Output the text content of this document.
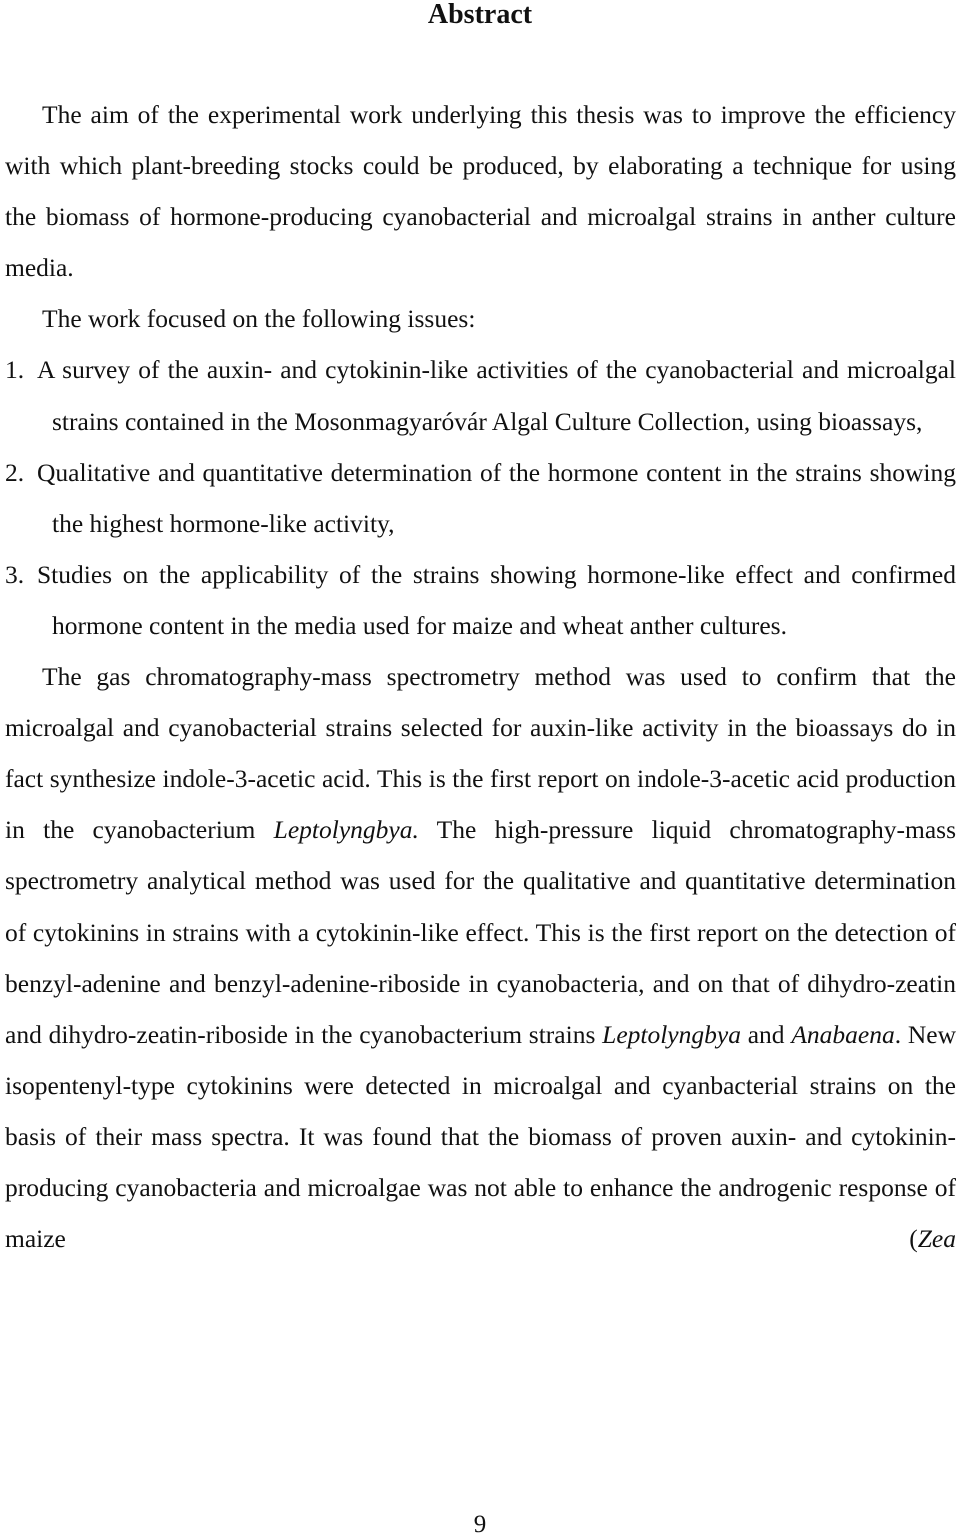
Abstract

The aim of the experimental work underlying this thesis was to improve the efficiency with which plant-breeding stocks could be produced, by elaborating a technique for using the biomass of hormone-producing cyanobacterial and microalgal strains in anther culture media.

The work focused on the following issues:

1. A survey of the auxin- and cytokinin-like activities of the cyanobacterial and microalgal strains contained in the Mosonmagyaróvár Algal Culture Collection, using bioassays,

2. Qualitative and quantitative determination of the hormone content in the strains showing the highest hormone-like activity,

3. Studies on the applicability of the strains showing hormone-like effect and confirmed hormone content in the media used for maize and wheat anther cultures.

The gas chromatography-mass spectrometry method was used to confirm that the microalgal and cyanobacterial strains selected for auxin-like activity in the bioassays do in fact synthesize indole-3-acetic acid. This is the first report on indole-3-acetic acid production in the cyanobacterium Leptolyngbya. The high-pressure liquid chromatography-mass spectrometry analytical method was used for the qualitative and quantitative determination of cytokinins in strains with a cytokinin-like effect. This is the first report on the detection of benzyl-adenine and benzyl-adenine-riboside in cyanobacteria, and on that of dihydro-zeatin and dihydro-zeatin-riboside in the cyanobacterium strains Leptolyngbya and Anabaena. New isopentenyl-type cytokinins were detected in microalgal and cyanbacterial strains on the basis of their mass spectra. It was found that the biomass of proven auxin- and cytokinin-producing cyanobacteria and microalgae was not able to enhance the androgenic response of maize (Zea

9
